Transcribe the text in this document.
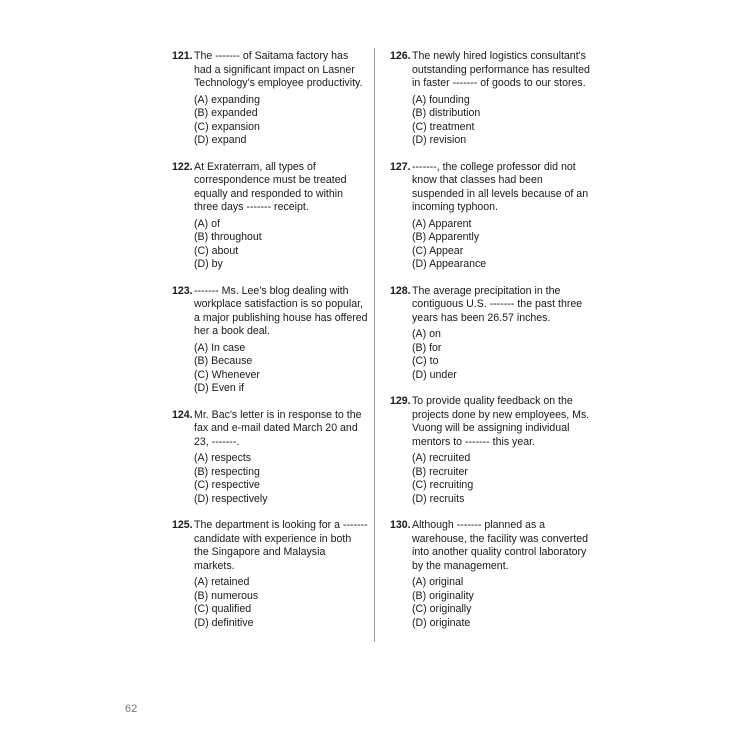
121. The ------- of Saitama factory has had a significant impact on Lasner Technology's employee productivity.

(A) expanding

(B) expanded

(C) expansion

(D) expand

122. At Exraterram, all types of correspondence must be treated equally and responded to within three days ------- receipt.

(A) of

(B) throughout

(C) about

(D) by

123. ------- Ms. Lee's blog dealing with workplace satisfaction is so popular, a major publishing house has offered her a book deal.

(A) In case

(B) Because

(C) Whenever

(D) Even if

124. Mr. Bac's letter is in response to the fax and e-mail dated March 20 and 23, -------.

(A) respects

(B) respecting

(C) respective

(D) respectively

125. The department is looking for a ------- candidate with experience in both the Singapore and Malaysia markets.

(A) retained

(B) numerous

(C) qualified

(D) definitive

126. The newly hired logistics consultant's outstanding performance has resulted in faster ------- of goods to our stores.

(A) founding

(B) distribution

(C) treatment

(D) revision

127. -------, the college professor did not know that classes had been suspended in all levels because of an incoming typhoon.

(A) Apparent

(B) Apparently

(C) Appear

(D) Appearance

128. The average precipitation in the contiguous U.S. ------- the past three years has been 26.57 inches.

(A) on

(B) for

(C) to

(D) under

129. To provide quality feedback on the projects done by new employees, Ms. Vuong will be assigning individual mentors to ------- this year.

(A) recruited

(B) recruiter

(C) recruiting

(D) recruits

130. Although ------- planned as a warehouse, the facility was converted into another quality control laboratory by the management.

(A) original

(B) originality

(C) originally

(D) originate

62
